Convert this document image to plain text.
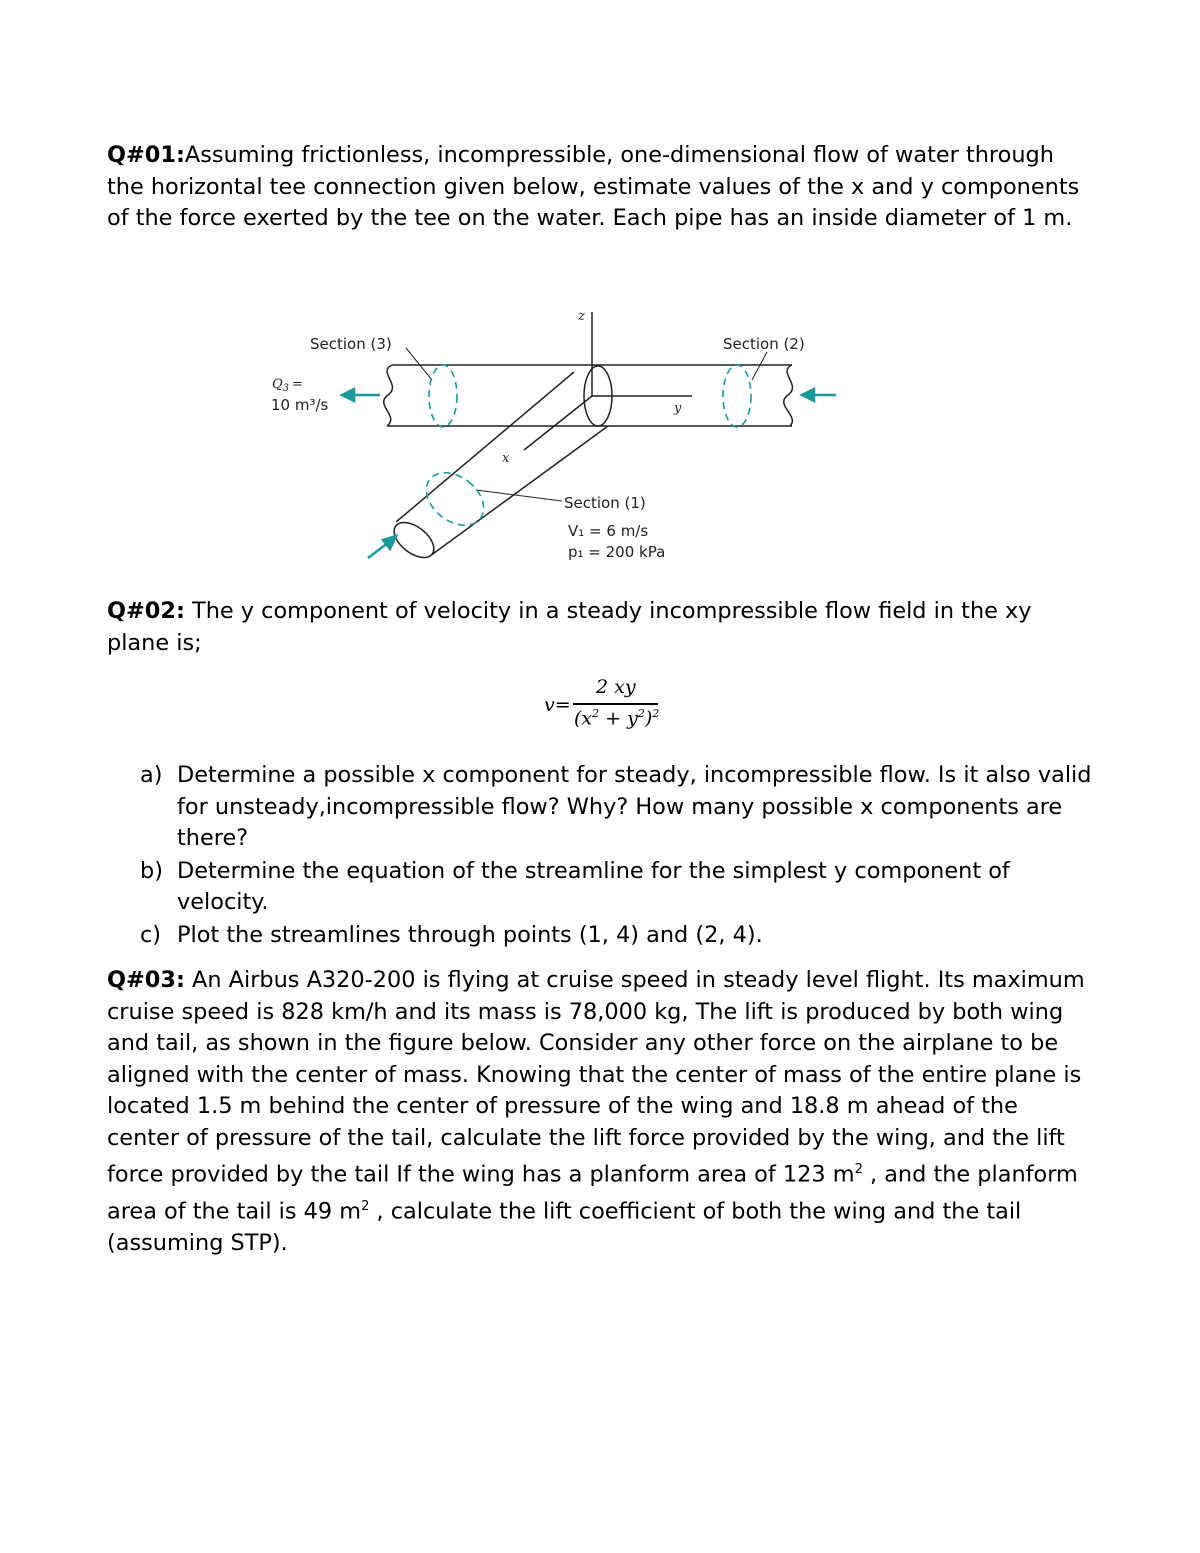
Q#01:Assuming frictionless, incompressible, one-dimensional flow of water through the horizontal tee connection given below, estimate values of the x and y components of the force exerted by the tee on the water. Each pipe has an inside diameter of 1 m.

Section (3)	Section (2)
Section (1)
$Q_3$ =
10 m³/s
V₁ = 6 m/s
p₁ = 200 kPa
z
y
x

Q#02: The y component of velocity in a steady incompressible flow field in the xy plane is;

v=
2 xy
$(x^2 + y^2)^2$
a) Determine a possible x component for steady, incompressible flow. Is it also valid for unsteady,incompressible flow? Why? How many possible x components are there?
b) Determine the equation of the streamline for the simplest y component of velocity.
c) Plot the streamlines through points (1, 4) and (2, 4).

Q#03: An Airbus A320-200 is flying at cruise speed in steady level flight. Its maximum cruise speed is 828 km/h and its mass is 78,000 kg, The lift is produced by both wing and tail, as shown in the figure below. Consider any other force on the airplane to be aligned with the center of mass. Knowing that the center of mass of the entire plane is located 1.5 m behind the center of pressure of the wing and 18.8 m ahead of the center of pressure of the tail, calculate the lift force provided by the wing, and the lift force provided by the tail If the wing has a planform area of 123 $m^2$ , and the planform area of the tail is 49 $m^2$ , calculate the lift coefficient of both the wing and the tail (assuming STP).
